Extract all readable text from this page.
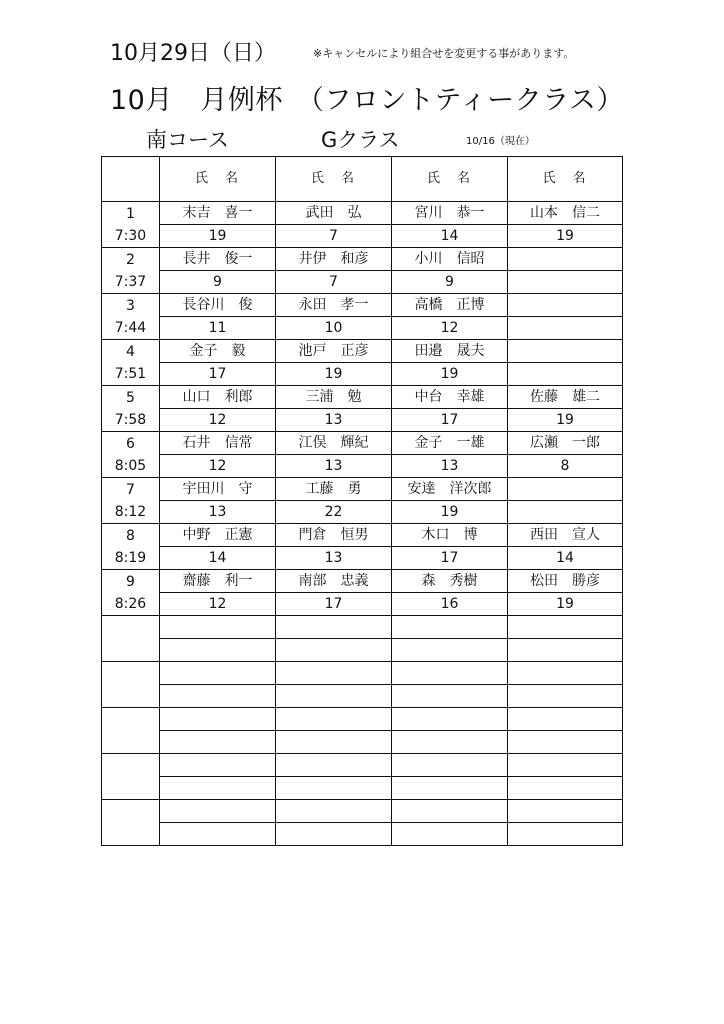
10月29日（日）	※キャンセルにより組合せを変更する事があります。
10月　月例杯　（フロントティークラス）
南コース	Gクラス	10/16（現在）
	氏　名	氏　名	氏　名	氏　名

1
7:30	末吉　喜一	武田　弘	宮川　恭一	山本　信二
	19	7	14	19

2
7:37	長井　俊一	井伊　和彦	小川　信昭	
	9	7	9	

3
7:44	長谷川　俊	永田　孝一	高橋　正博	
	11	10	12	

4
7:51	金子　毅	池戸　正彦	田邉　晟夫	
	17	19	19	

5
7:58	山口　利郎	三浦　勉	中台　幸雄	佐藤　雄二
	12	13	17	19

6
8:05	石井　信常	江俣　輝紀	金子　一雄	広瀬　一郎
	12	13	13	8

7
8:12	宇田川　守	工藤　勇	安達　洋次郎	
	13	22	19	

8
8:19	中野　正憲	門倉　恒男	木口　博	西田　宣人
	14	13	17	14

9
8:26	齋藤　利一	南部　忠義	森　秀樹	松田　勝彦
	12	17	16	19
